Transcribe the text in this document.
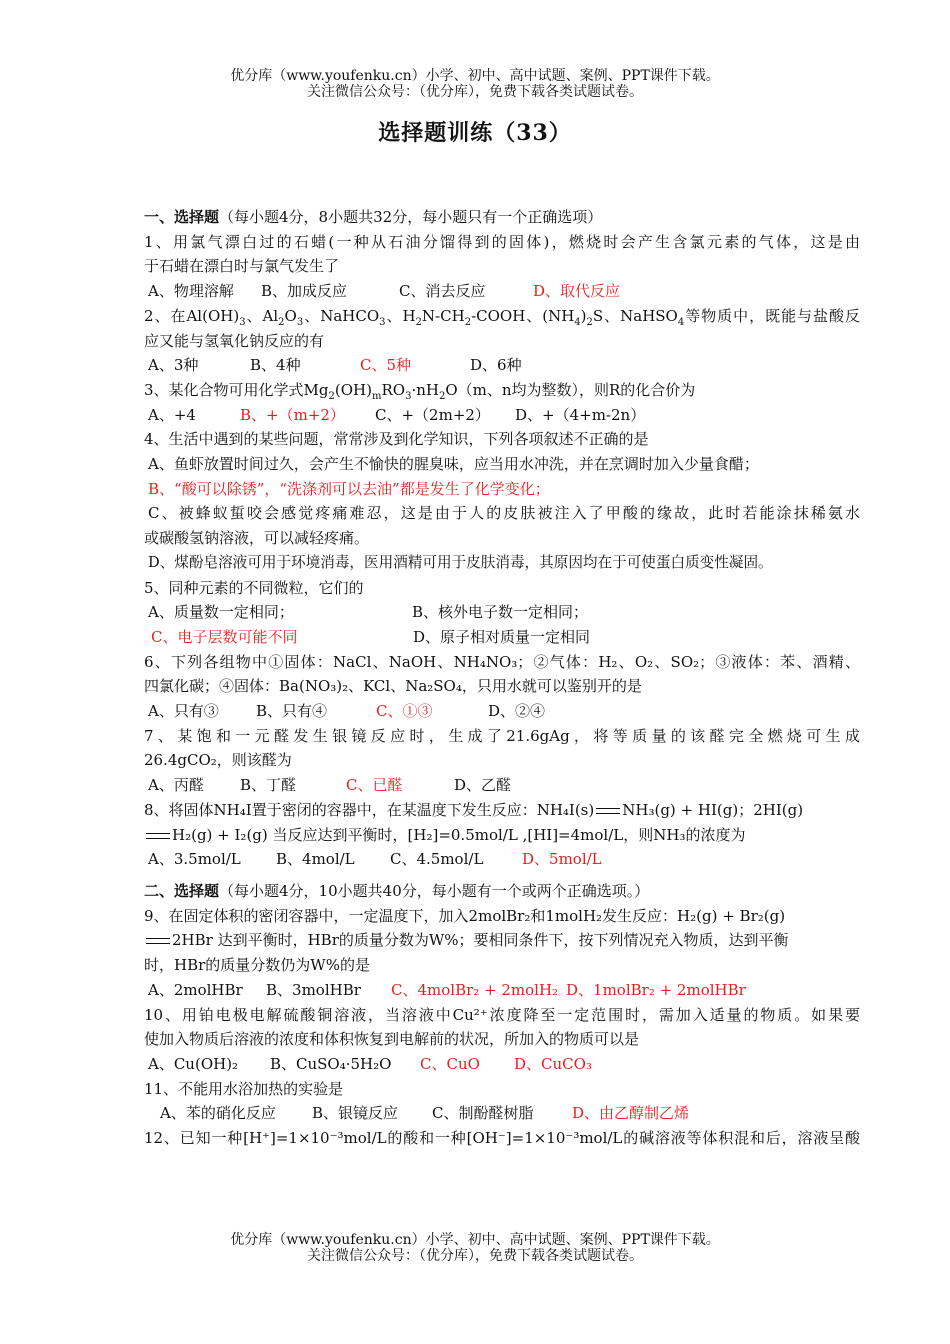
优分库（www.youfenku.cn）小学、初中、高中试题、案例、PPT课件下载。
关注微信公众号：（优分库），免费下载各类试题试卷。
选择题训练（33）
一、选择题（每小题4分，8小题共32分，每小题只有一个正确选项）
1、用氯气漂白过的石蜡(一种从石油分馏得到的固体)，燃烧时会产生含氯元素的气体，这是由
于石蜡在漂白时与氯气发生了
A、物理溶解 B、加成反应	C、消去反应	D、取代反应
2、在$Al(OH)_3$、$Al_2O_3$、NaHCO$_3$、$H_2N-CH_2$-COOH、$(NH_4)_2S$、NaHSO$_4$等物质中，既能与盐酸反
应又能与氢氧化钠反应的有
A、3种	B、4种	C、5种	D、6种
3、某化合物可用化学式$Mg_2(OH)_mRO_3\cdot nH_2O(m$、n均为整数），则R的化合价为
A、+4	B、+（m+2） C、+（2m+2） D、+（4+m-2n）
4、生活中遇到的某些问题，常常涉及到化学知识，下列各项叙述不正确的是
A、鱼虾放置时间过久，会产生不愉快的腥臭味，应当用水冲洗，并在烹调时加入少量食醋；
B、“酸可以除锈”，“洗涤剂可以去油”都是发生了化学变化；
C、被蜂蚁蜇咬会感觉疼痛难忍，这是由于人的皮肤被注入了甲酸的缘故，此时若能涂抹稀氨水
或碳酸氢钠溶液，可以减轻疼痛。
D、煤酚皂溶液可用于环境消毒，医用酒精可用于皮肤消毒，其原因均在于可使蛋白质变性凝固。
5、同种元素的不同微粒，它们的
A、质量数一定相同；	B、核外电子数一定相同；
C、电子层数可能不同	D、原子相对质量一定相同
6、下列各组物中①固体：NaCl、NaOH、NH₄NO₃；②气体：H₂、O₂、SO₂；③液体：苯、酒精、
四氯化碳；④固体：Ba(NO₃)₂、KCl、Na₂SO₄，只用水就可以鉴别开的是
A、只有③ B、只有④	C、①③	D、②④
7、某饱和一元醛发生银镜反应时，生成了21.6gAg，将等质量的该醛完全燃烧可生成
26.4gCO₂，则该醛为
A、丙醛 B、丁醛	C、已醛	D、乙醛
8、将固体NH₄I置于密闭的容器中，在某温度下发生反应：NH₄I(s) NH₃(g) + HI(g)；2HI(g)
H₂(g) + I₂(g) 当反应达到平衡时，[H₂]=0.5mol/L ,[HI]=4mol/L，则NH₃的浓度为
A、3.5mol/L B、4mol/L C、4.5mol/L	D、5mol/L
二、选择题（每小题4分，10小题共40分，每小题有一个或两个正确选项。）
9、在固定体积的密闭容器中，一定温度下，加入2molBr₂和1molH₂发生反应：H₂(g) + Br₂(g)
2HBr 达到平衡时，HBr的质量分数为W%；要相同条件下，按下列情况充入物质，达到平衡
时，HBr的质量分数仍为W%的是
A、2molHBr B、3molHBr C、4molBr₂ + 2molH₂ D、1molBr₂ + 2molHBr
10、用铂电极电解硫酸铜溶液，当溶液中Cu²⁺浓度降至一定范围时，需加入适量的物质。如果要
使加入物质后溶液的浓度和体积恢复到电解前的状况，所加入的物质可以是
A、Cu(OH)₂ B、CuSO₄·5H₂O C、CuO D、CuCO₃
11、不能用水浴加热的实验是
A、苯的硝化反应 B、银镜反应 C、制酚醛树脂	D、由乙醇制乙烯
12、已知一种[H⁺]=1×10⁻³mol/L的酸和一种[OH⁻]=1×10⁻³mol/L的碱溶液等体积混和后，溶液呈酸
优分库（www.youfenku.cn）小学、初中、高中试题、案例、PPT课件下载。
关注微信公众号：（优分库），免费下载各类试题试卷。
